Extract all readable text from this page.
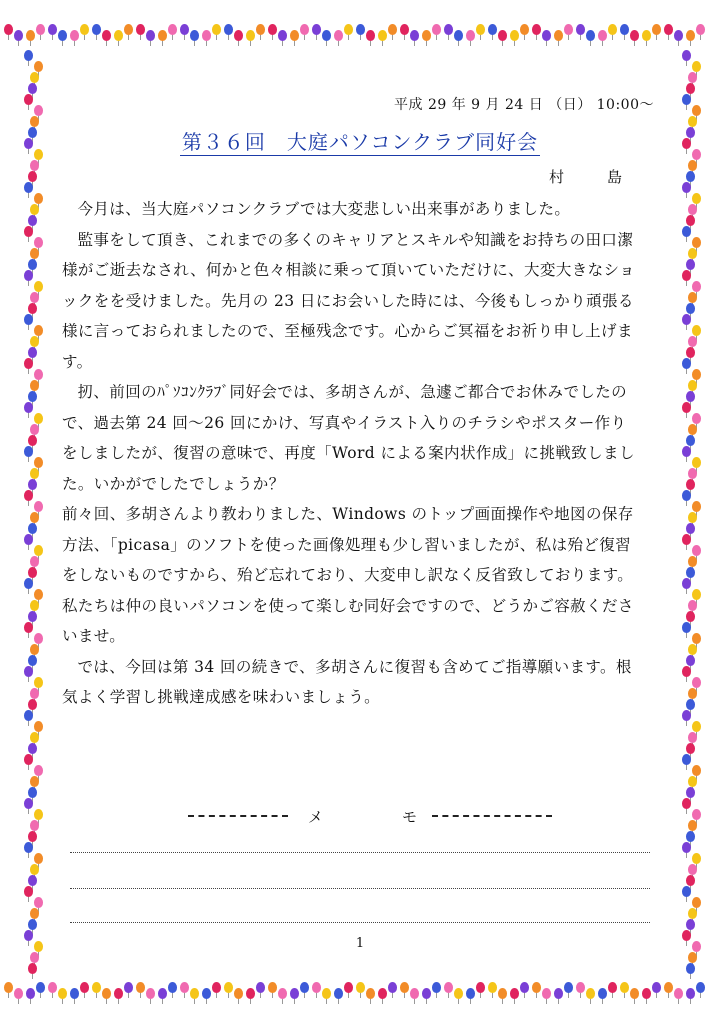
平成 29 年 9 月 24 日 （日） 10:00～
第３６回　大庭パソコンクラブ同好会
村　島

今月は、当大庭パソコンクラブでは大変悲しい出来事がありました。

監事をして頂き、これまでの多くのキャリアとスキルや知識をお持ちの田口潔様がご逝去なされ、何かと色々相談に乗って頂いていただけに、大変大きなショックをを受けました。先月の 23 日にお会いした時には、今後もしっかり頑張る様に言っておられましたので、至極残念です。心からご冥福をお祈り申し上げます。

扨、前回のﾊﾟｿｺﾝｸﾗﾌﾞ同好会では、多胡さんが、急遽ご都合でお休みでしたので、過去第 24 回～26 回にかけ、写真やイラスト入りのチラシやポスター作りをしましたが、復習の意味で、再度「Word による案内状作成」に挑戦致しました。いかがでしたでしょうか？

前々回、多胡さんより教わりました、Windows のトップ画面操作や地図の保存方法、「picasa」のソフトを使った画像処理も少し習いましたが、私は殆ど復習をしないものですから、殆ど忘れており、大変申し訳なく反省致しております。私たちは仲の良いパソコンを使って楽しむ同好会ですので、どうかご容赦くださいませ。

では、今回は第 34 回の続きで、多胡さんに復習も含めてご指導願います。根気よく学習し挑戦達成感を味わいましょう。

メ　モ
1
